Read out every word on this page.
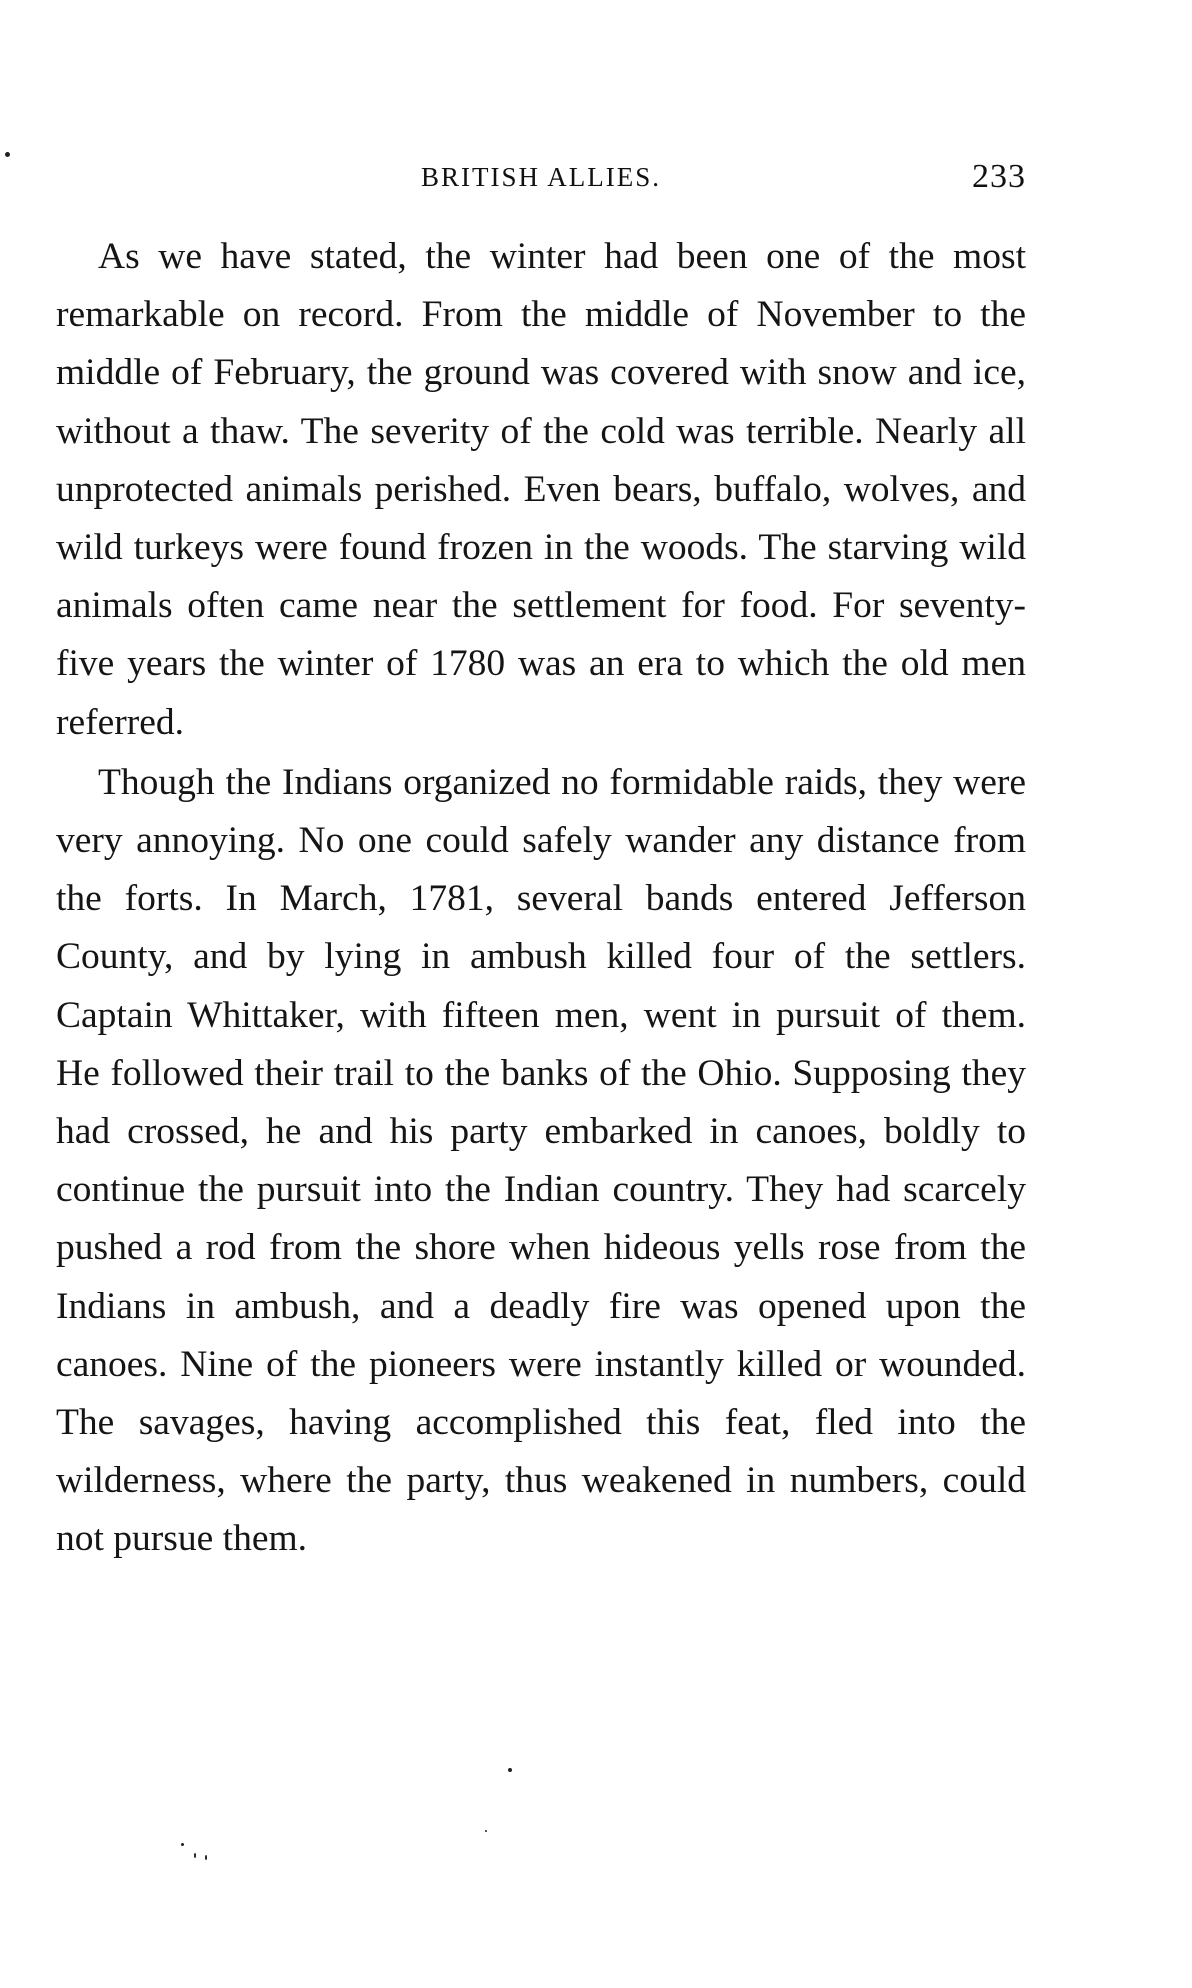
BRITISH ALLIES.	233

As we have stated, the winter had been one of the most remarkable on record. From the middle of November to the middle of February, the ground was covered with snow and ice, without a thaw. The severity of the cold was terrible. Nearly all unprotected animals perished. Even bears, buffalo, wolves, and wild turkeys were found frozen in the woods. The starving wild animals often came near the settlement for food. For seventy-five years the winter of 1780 was an era to which the old men referred.

Though the Indians organized no formidable raids, they were very annoying. No one could safely wander any distance from the forts. In March, 1781, several bands entered Jefferson County, and by lying in ambush killed four of the settlers. Captain Whittaker, with fifteen men, went in pursuit of them. He followed their trail to the banks of the Ohio. Supposing they had crossed, he and his party embarked in canoes, boldly to continue the pursuit into the Indian country. They had scarcely pushed a rod from the shore when hideous yells rose from the Indians in ambush, and a deadly fire was opened upon the canoes. Nine of the pioneers were instantly killed or wounded. The savages, having accomplished this feat, fled into the wilderness, where the party, thus weakened in numbers, could not pursue them.
